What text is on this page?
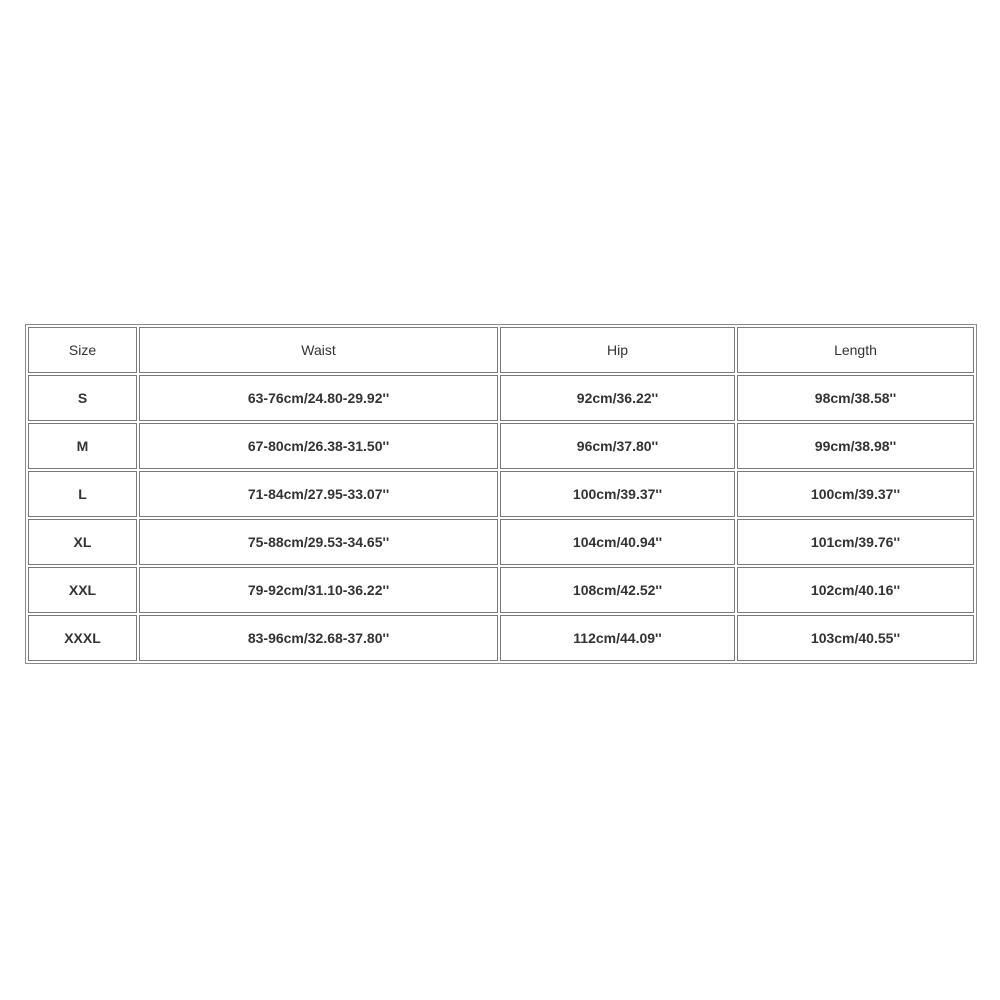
Size	Waist	Hip	Length
S	63-76cm/24.80-29.92''	92cm/36.22''	98cm/38.58''
M	67-80cm/26.38-31.50''	96cm/37.80''	99cm/38.98''
L	71-84cm/27.95-33.07''	100cm/39.37''	100cm/39.37''
XL	75-88cm/29.53-34.65''	104cm/40.94''	101cm/39.76''
XXL	79-92cm/31.10-36.22''	108cm/42.52''	102cm/40.16''
XXXL	83-96cm/32.68-37.80''	112cm/44.09''	103cm/40.55''
